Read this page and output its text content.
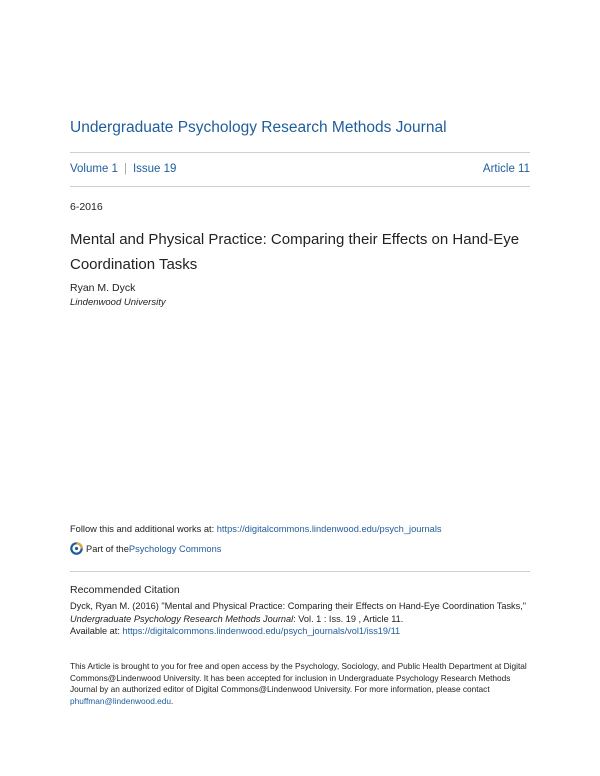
Undergraduate Psychology Research Methods Journal
Volume 1 | Issue 19	Article 11
6-2016
Mental and Physical Practice: Comparing their Effects on Hand-Eye Coordination Tasks
Ryan M. Dyck
Lindenwood University
Follow this and additional works at: https://digitalcommons.lindenwood.edu/psych_journals
Part of the Psychology Commons
Recommended Citation
Dyck, Ryan M. (2016) "Mental and Physical Practice: Comparing their Effects on Hand-Eye Coordination Tasks," Undergraduate Psychology Research Methods Journal: Vol. 1 : Iss. 19 , Article 11.
Available at: https://digitalcommons.lindenwood.edu/psych_journals/vol1/iss19/11
This Article is brought to you for free and open access by the Psychology, Sociology, and Public Health Department at Digital Commons@Lindenwood University. It has been accepted for inclusion in Undergraduate Psychology Research Methods Journal by an authorized editor of Digital Commons@Lindenwood University. For more information, please contact phuffman@lindenwood.edu.
